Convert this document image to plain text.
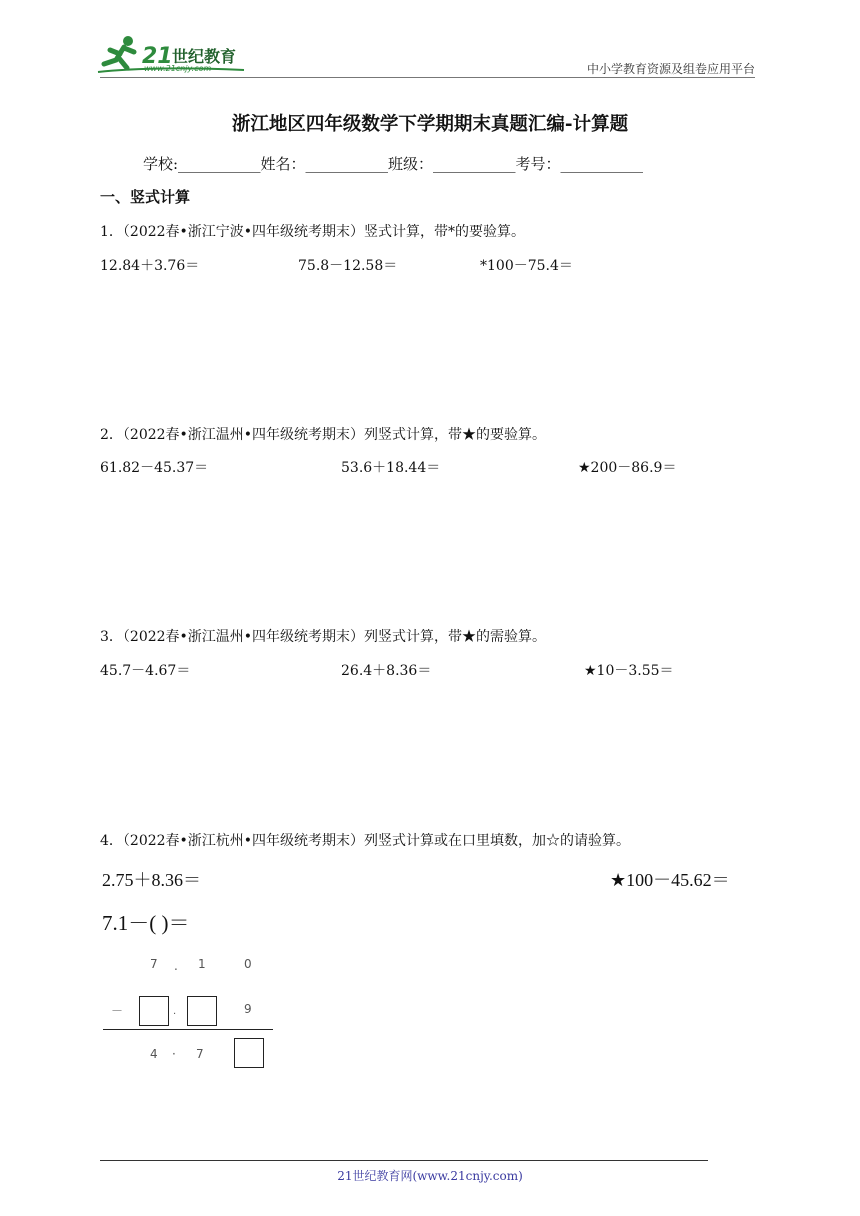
21 世纪教育
www.21cnjy.com	中小学教育资源及组卷应用平台
浙江地区四年级数学下学期期末真题汇编-计算题
学校:___________姓名：___________班级：___________考号：___________
一、竖式计算
1．（2022春•浙江宁波•四年级统考期末）竖式计算，带*的要验算。
12.84＋3.76＝	75.8－12.58＝	*100－75.4＝
2．（2022春•浙江温州•四年级统考期末）列竖式计算，带★的要验算。
61.82－45.37＝	53.6＋18.44＝	★200－86.9＝
3．（2022春•浙江温州•四年级统考期末）列竖式计算，带★的需验算。
45.7－4.67＝	26.4＋8.36＝	★10－3.55＝
4．（2022春•浙江杭州•四年级统考期末）列竖式计算或在口里填数，加☆的请验算。
2.75＋8.36＝	★100－45.62＝
7.1－( )＝
7 . 1	0
－	.	9
4 · 7
21世纪教育网(www.21cnjy.com)
